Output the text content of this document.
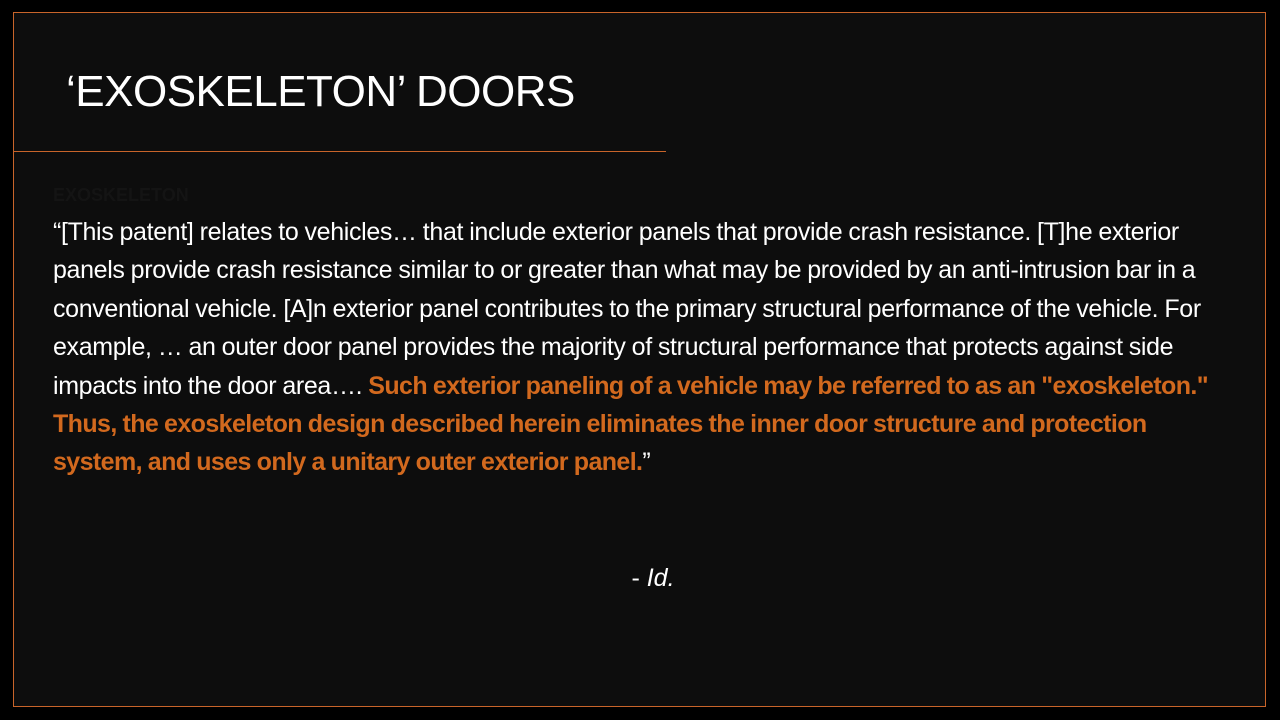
‘EXOSKELETON’ DOORS
EXOSKELETON

“[This patent] relates to vehicles… that include exterior panels that provide crash resistance. [T]he exterior panels provide crash resistance similar to or greater than what may be provided by an anti-intrusion bar in a conventional vehicle. [A]n exterior panel contributes to the primary structural performance of the vehicle. For example, … an outer door panel provides the majority of structural performance that protects against side impacts into the door area…. Such exterior paneling of a vehicle may be referred to as an "exoskeleton." Thus, the exoskeleton design described herein eliminates the inner door structure and protection system, and uses only a unitary outer exterior panel.”

- Id.
